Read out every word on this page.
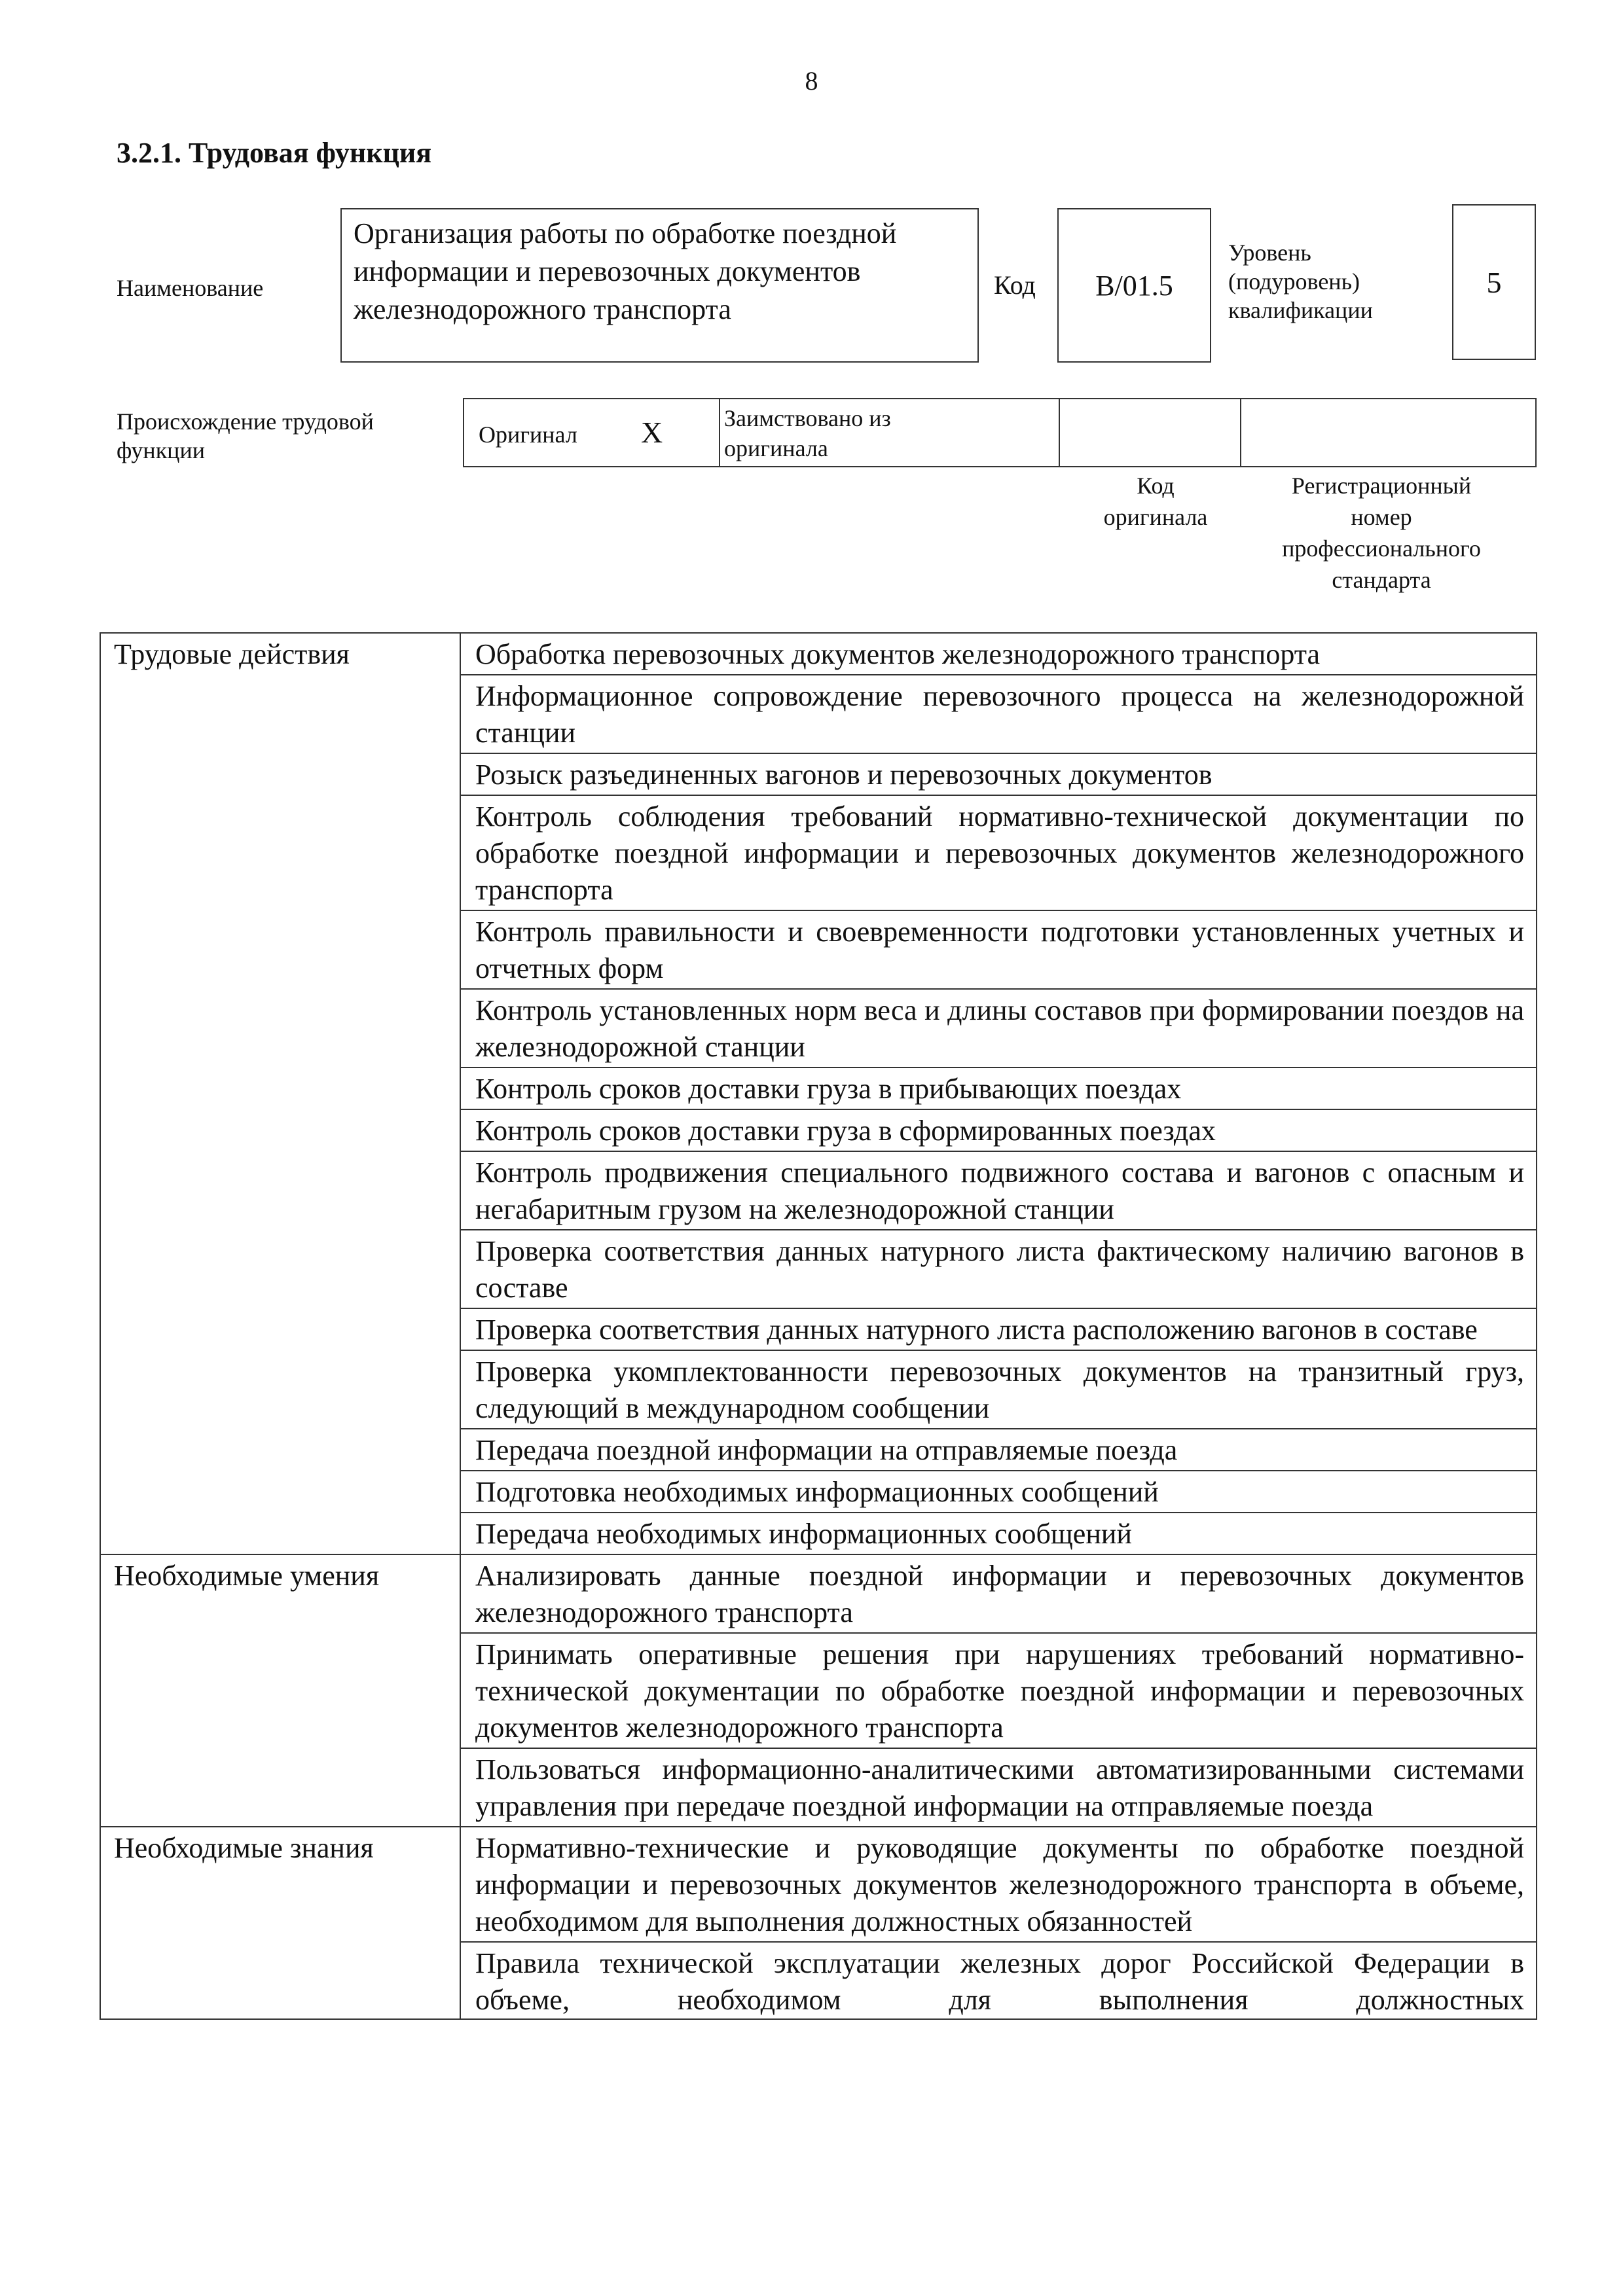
8
3.2.1. Трудовая функция
Наименование
Организация работы по обработке поездной информации и перевозочных документов железнодорожного транспорта
Код B/01.5
Уровень
(подуровень)
квалификации
5
Происхождение трудовой
функции
Оригинал X	Заимствовано из
оригинала
Код
оригинала
Регистрационный
номер
профессионального
стандарта
Трудовые действия	Обработка перевозочных документов железнодорожного транспорта
	Информационное сопровождение перевозочного процесса на железнодорожной станции
	Розыск разъединенных вагонов и перевозочных документов
	Контроль соблюдения требований нормативно-технической документации по обработке поездной информации и перевозочных документов железнодорожного транспорта
	Контроль правильности и своевременности подготовки установленных учетных и отчетных форм
	Контроль установленных норм веса и длины составов при формировании поездов на железнодорожной станции
	Контроль сроков доставки груза в прибывающих поездах
	Контроль сроков доставки груза в сформированных поездах
	Контроль продвижения специального подвижного состава и вагонов с опасным и негабаритным грузом на железнодорожной станции
	Проверка соответствия данных натурного листа фактическому наличию вагонов в составе
	Проверка соответствия данных натурного листа расположению вагонов в составе
	Проверка укомплектованности перевозочных документов на транзитный груз, следующий в международном сообщении
	Передача поездной информации на отправляемые поезда
	Подготовка необходимых информационных сообщений
	Передача необходимых информационных сообщений
Необходимые умения	Анализировать данные поездной информации и перевозочных документов железнодорожного транспорта
	Принимать оперативные решения при нарушениях требований нормативно-технической документации по обработке поездной информации и перевозочных документов железнодорожного транспорта
	Пользоваться информационно-аналитическими автоматизированными системами управления при передаче поездной информации на отправляемые поезда
Необходимые знания	Нормативно-технические и руководящие документы по обработке поездной информации и перевозочных документов железнодорожного транспорта в объеме, необходимом для выполнения должностных обязанностей
	Правила технической эксплуатации железных дорог Российской Федерации в объеме, необходимом для выполнения должностных
